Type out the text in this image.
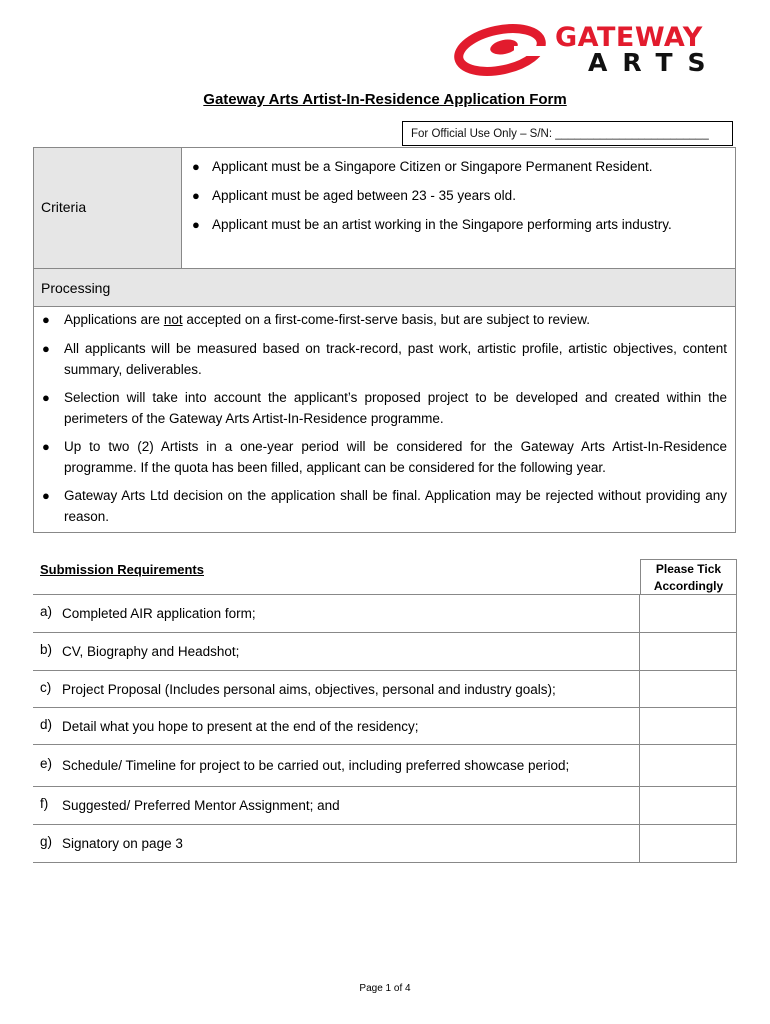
GATEWAY
ARTS
Gateway Arts Artist-In-Residence Application Form
For Official Use Only – S/N: ________________________
Criteria
● Applicant must be a Singapore Citizen or Singapore Permanent Resident.
● Applicant must be aged between 23 - 35 years old.
● Applicant must be an artist working in the Singapore performing arts industry.
Processing
● Applications are not accepted on a first-come-first-serve basis, but are subject to review.
● All applicants will be measured based on track-record, past work, artistic profile, artistic objectives, content summary, deliverables.
● Selection will take into account the applicant’s proposed project to be developed and created within the perimeters of the Gateway Arts Artist-In-Residence programme.
● Up to two (2) Artists in a one-year period will be considered for the Gateway Arts Artist-In-Residence programme. If the quota has been filled, applicant can be considered for the following year.
● Gateway Arts Ltd decision on the application shall be final. Application may be rejected without providing any reason.
Submission Requirements	Please Tick
Accordingly
a) Completed AIR application form;	
b) CV, Biography and Headshot;	
c) Project Proposal (Includes personal aims, objectives, personal and industry goals);	
d) Detail what you hope to present at the end of the residency;	
e) Schedule/ Timeline for project to be carried out, including preferred showcase period;	
f) Suggested/ Preferred Mentor Assignment; and	
g) Signatory on page 3	
Page 1 of 4
